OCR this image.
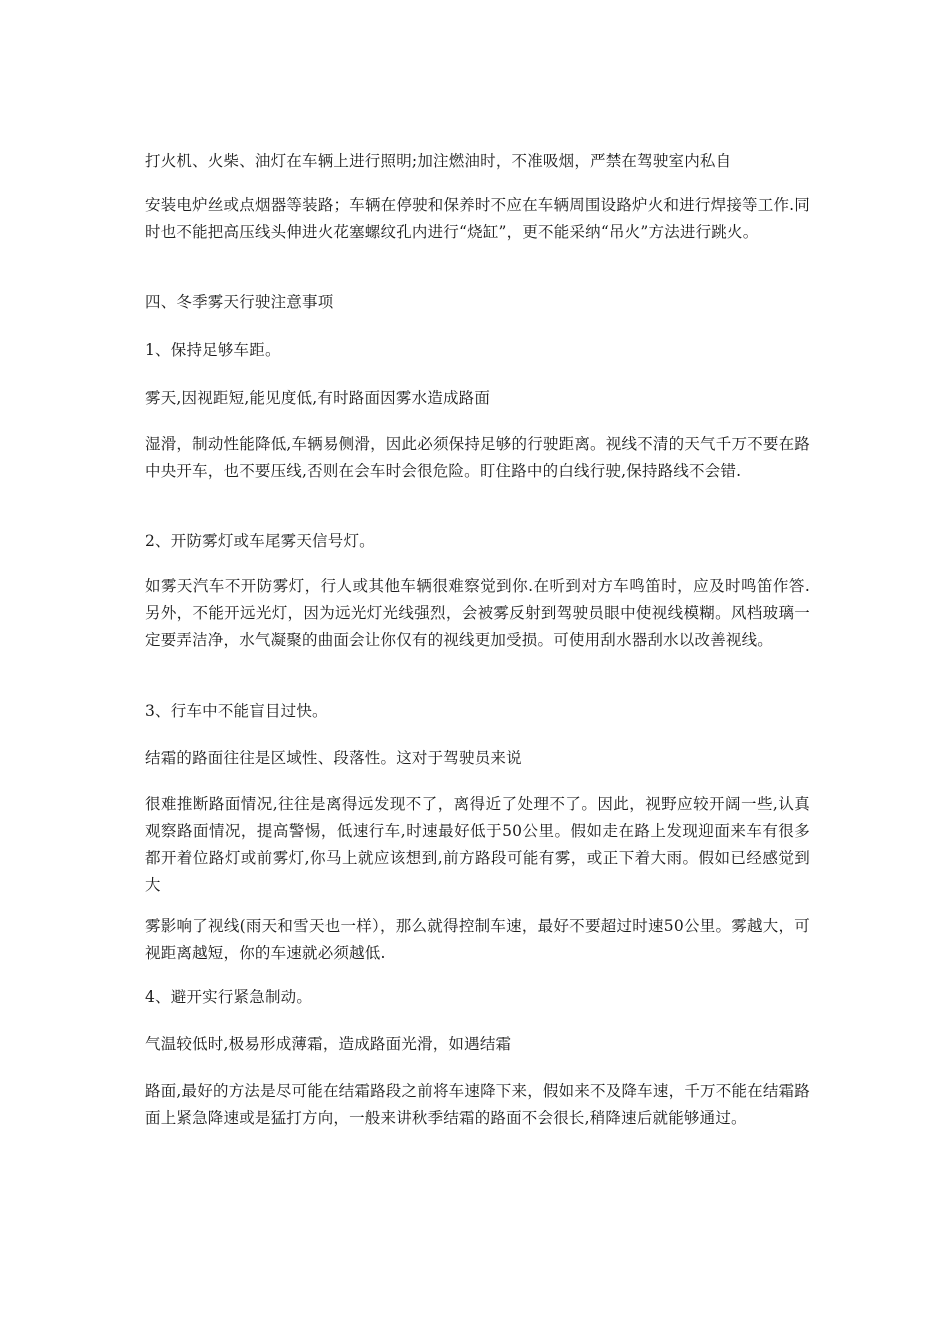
打火机、火柴、油灯在车辆上进行照明;加注燃油时，不准吸烟，严禁在驾驶室内私自

安装电炉丝或点烟器等装路；车辆在停驶和保养时不应在车辆周围设路炉火和进行焊接等工作.同时也不能把高压线头伸进火花塞螺纹孔内进行“烧缸”，更不能采纳“吊火”方法进行跳火。

四、冬季雾天行驶注意事项

1、保持足够车距。

雾天,因视距短,能见度低,有时路面因雾水造成路面

湿滑，制动性能降低,车辆易侧滑，因此必须保持足够的行驶距离。视线不清的天气千万不要在路中央开车，也不要压线,否则在会车时会很危险。盯住路中的白线行驶,保持路线不会错.

2、开防雾灯或车尾雾天信号灯。

如雾天汽车不开防雾灯，行人或其他车辆很难察觉到你.在听到对方车鸣笛时，应及时鸣笛作答.另外，不能开远光灯，因为远光灯光线强烈，会被雾反射到驾驶员眼中使视线模糊。风档玻璃一定要弄洁净，水气凝聚的曲面会让你仅有的视线更加受损。可使用刮水器刮水以改善视线。

3、行车中不能盲目过快。

结霜的路面往往是区域性、段落性。这对于驾驶员来说

很难推断路面情况,往往是离得远发现不了，离得近了处理不了。因此，视野应较开阔一些,认真观察路面情况，提高警惕，低速行车,时速最好低于50公里。假如走在路上发现迎面来车有很多都开着位路灯或前雾灯,你马上就应该想到,前方路段可能有雾，或正下着大雨。假如已经感觉到大

雾影响了视线(雨天和雪天也一样），那么就得控制车速，最好不要超过时速50公里。雾越大，可视距离越短，你的车速就必须越低.

4、避开实行紧急制动。

气温较低时,极易形成薄霜，造成路面光滑，如遇结霜

路面,最好的方法是尽可能在结霜路段之前将车速降下来，假如来不及降车速，千万不能在结霜路面上紧急降速或是猛打方向，一般来讲秋季结霜的路面不会很长,稍降速后就能够通过。
